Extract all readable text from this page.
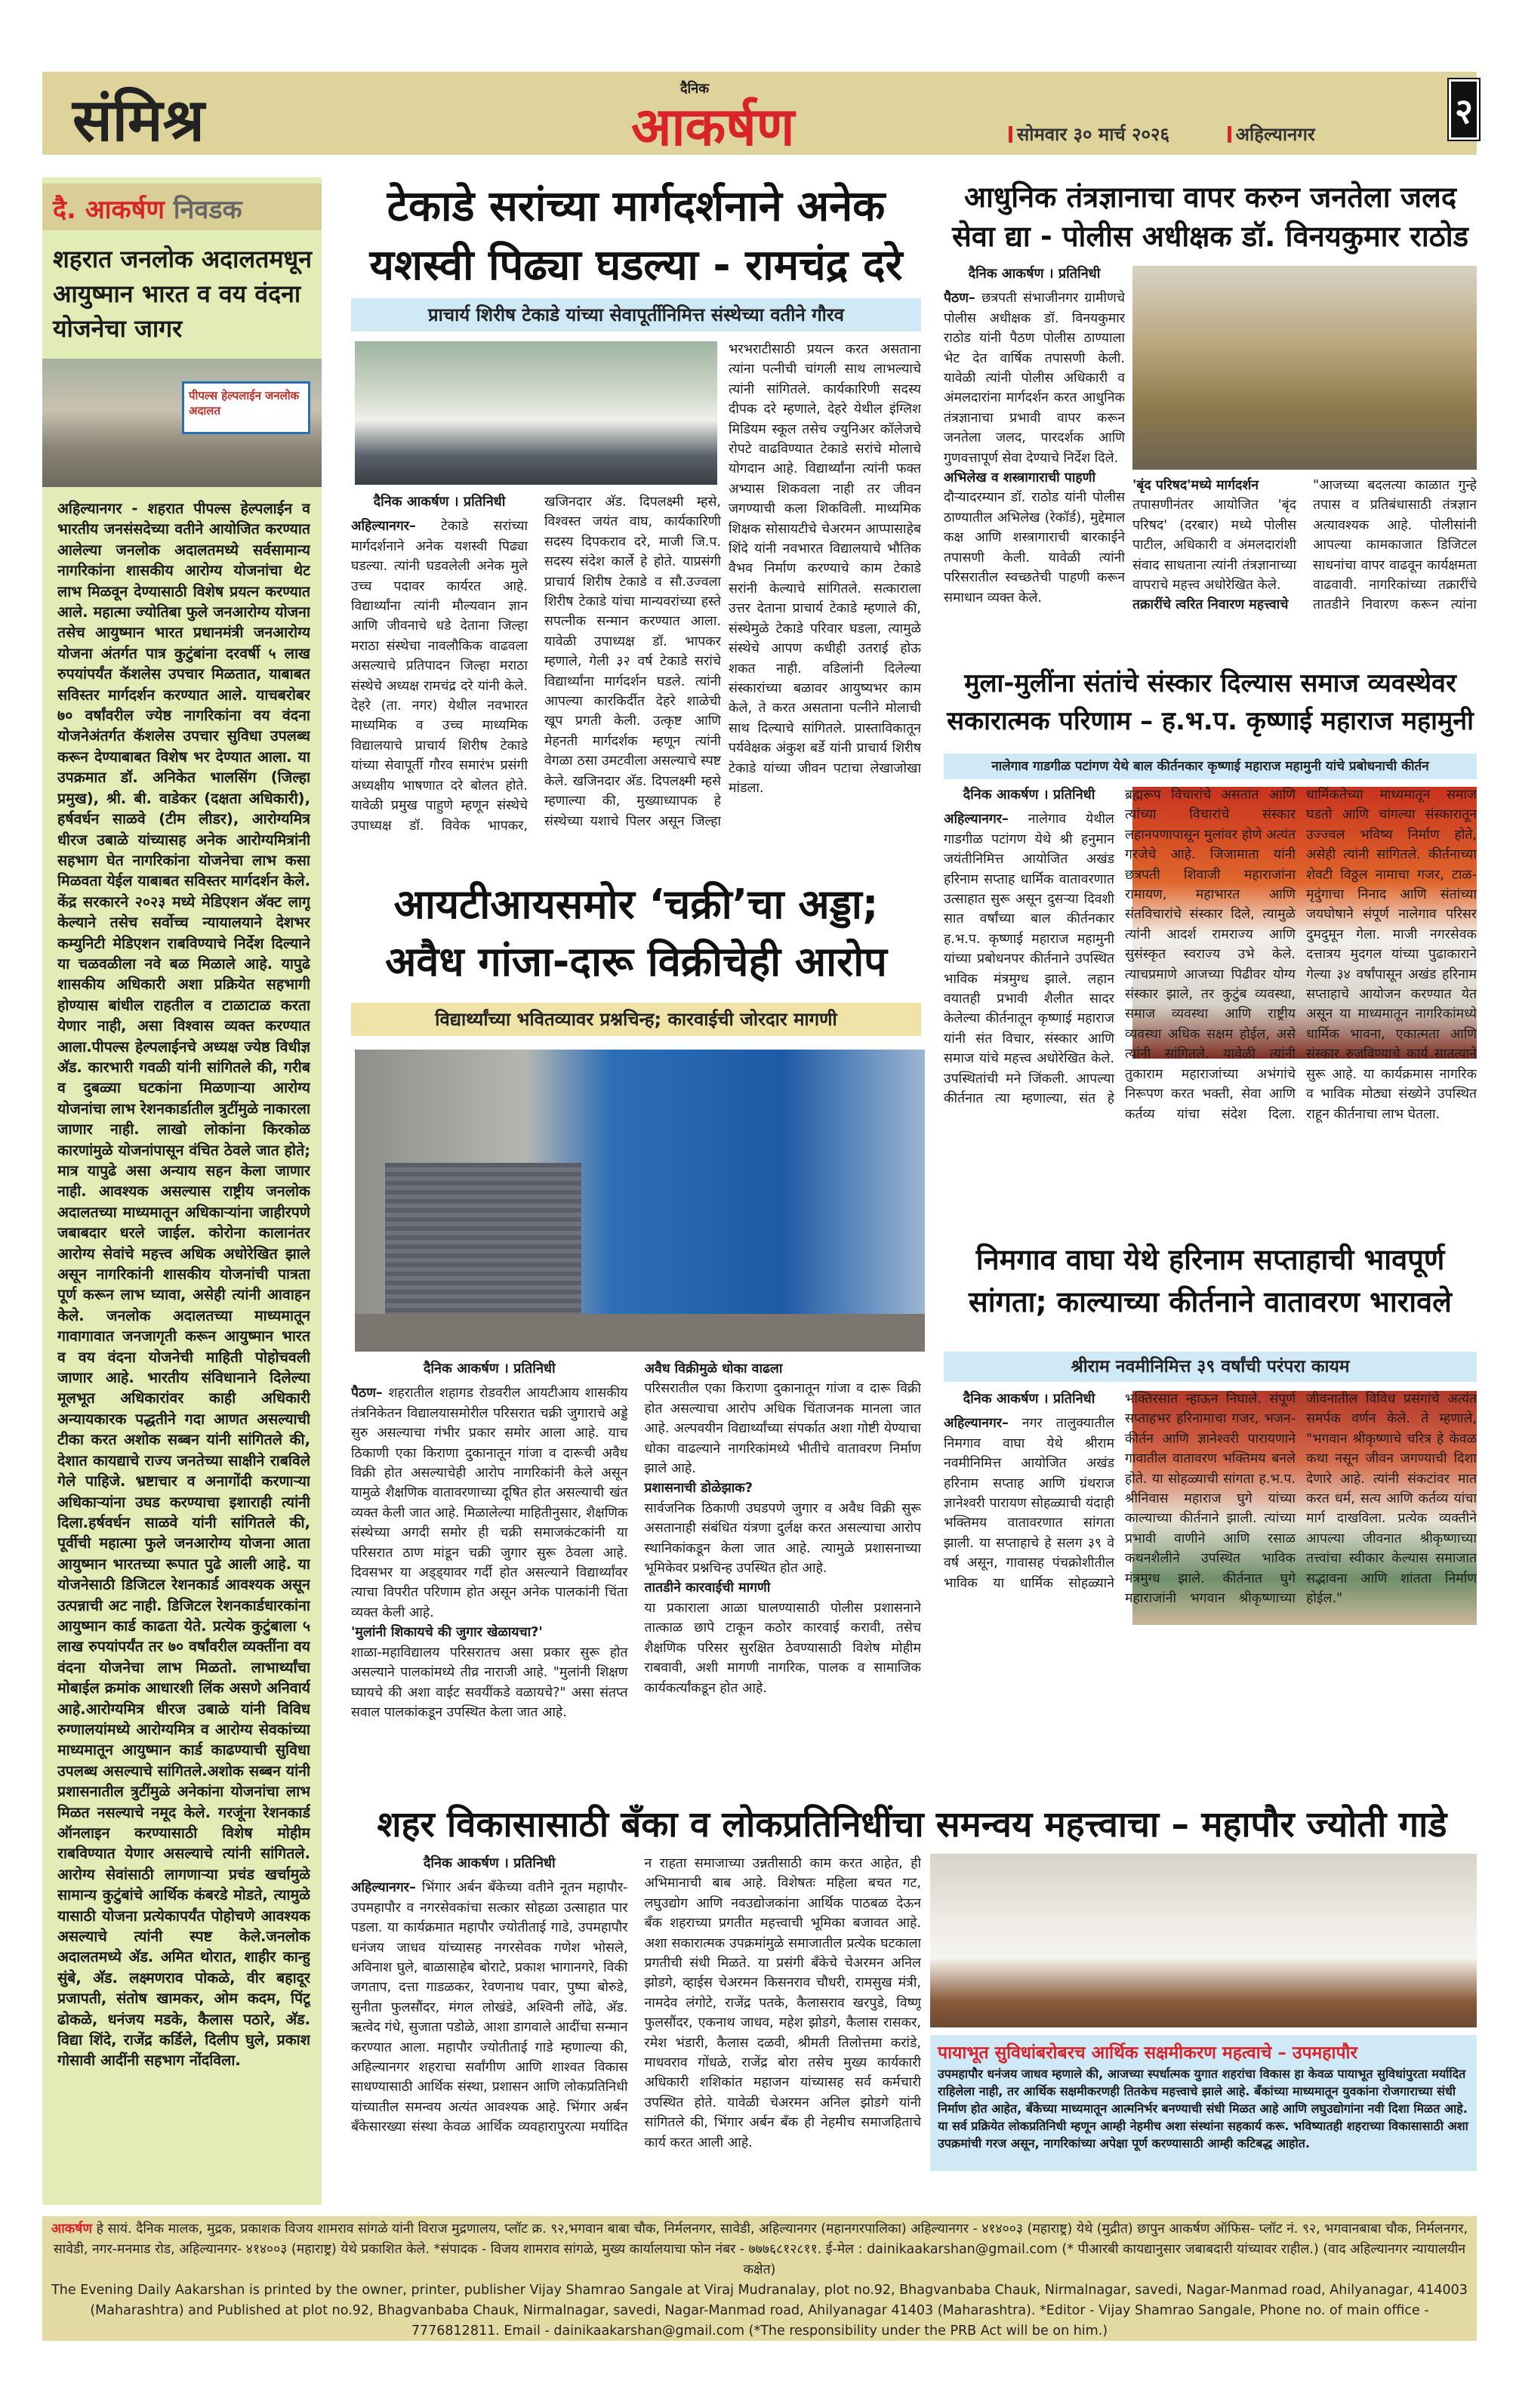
संमिश्र	दैनिक
आकर्षण	सोमवार ३० मार्च २०२६	अहिल्यानगर
२
दै. आकर्षण निवडक
शहरात जनलोक अदालतमधून आयुष्मान भारत व वय वंदना योजनेचा जागर
पीपल्स हेल्पलाईन जनलोक अदालत
अहिल्यानगर - शहरात पीपल्स हेल्पलाईन व भारतीय जनसंसदेच्या वतीने आयोजित करण्यात आलेल्या जनलोक अदालतमध्ये सर्वसामान्य नागरिकांना शासकीय आरोग्य योजनांचा थेट लाभ मिळवून देण्यासाठी विशेष प्रयत्न करण्यात आले. महात्मा ज्योतिबा फुले जनआरोग्य योजना तसेच आयुष्मान भारत प्रधानमंत्री जनआरोग्य योजना अंतर्गत पात्र कुटुंबांना दरवर्षी ५ लाख रुपयांपर्यंत कॅशलेस उपचार मिळतात, याबाबत सविस्तर मार्गदर्शन करण्यात आले. याचबरोबर ७० वर्षांवरील ज्येष्ठ नागरिकांना वय वंदना योजनेअंतर्गत कॅशलेस उपचार सुविधा उपलब्ध करून देण्याबाबत विशेष भर देण्यात आला. या उपक्रमात डॉ. अनिकेत भालसिंग (जिल्हा प्रमुख), श्री. बी. वाडेकर (दक्षता अधिकारी), हर्षवर्धन साळवे (टीम लीडर), आरोग्यमित्र धीरज उबाळे यांच्यासह अनेक आरोग्यमित्रांनी सहभाग घेत नागरिकांना योजनेचा लाभ कसा मिळवता येईल याबाबत सविस्तर मार्गदर्शन केले. केंद्र सरकारने २०२३ मध्ये मेडिएशन अ‍ॅक्ट लागू केल्याने तसेच सर्वोच्च न्यायालयाने देशभर कम्युनिटी मेडिएशन राबविण्याचे निर्देश दिल्याने या चळवळीला नवे बळ मिळाले आहे. यापुढे शासकीय अधिकारी अशा प्रक्रियेत सहभागी होण्यास बांधील राहतील व टाळाटाळ करता येणार नाही, असा विश्वास व्यक्त करण्यात आला.पीपल्स हेल्पलाईनचे अध्यक्ष ज्येष्ठ विधीज्ञ अ‍ॅड. कारभारी गवळी यांनी सांगितले की, गरीब व दुबळ्या घटकांना मिळणाऱ्या आरोग्य योजनांचा लाभ रेशनकार्डातील त्रुटींमुळे नाकारला जाणार नाही. लाखो लोकांना किरकोळ कारणांमुळे योजनांपासून वंचित ठेवले जात होते; मात्र यापुढे असा अन्याय सहन केला जाणार नाही. आवश्यक असल्यास राष्ट्रीय जनलोक अदालतच्या माध्यमातून अधिकाऱ्यांना जाहीरपणे जबाबदार धरले जाईल. कोरोना कालानंतर आरोग्य सेवांचे महत्त्व अधिक अधोरेखित झाले असून नागरिकांनी शासकीय योजनांची पात्रता पूर्ण करून लाभ घ्यावा, असेही त्यांनी आवाहन केले. जनलोक अदालतच्या माध्यमातून गावागावात जनजागृती करून आयुष्मान भारत व वय वंदना योजनेची माहिती पोहोचवली जाणार आहे. भारतीय संविधानाने दिलेल्या मूलभूत अधिकारांवर काही अधिकारी अन्यायकारक पद्धतीने गदा आणत असल्याची टीका करत अशोक सब्बन यांनी सांगितले की, देशात कायद्याचे राज्य जनतेच्या साक्षीने राबविले गेले पाहिजे. भ्रष्टाचार व अनागोंदी करणाऱ्या अधिकाऱ्यांना उघड करण्याचा इशाराही त्यांनी दिला.हर्षवर्धन साळवे यांनी सांगितले की, पूर्वीची महात्मा फुले जनआरोग्य योजना आता आयुष्मान भारतच्या रूपात पुढे आली आहे. या योजनेसाठी डिजिटल रेशनकार्ड आवश्यक असून उत्पन्नाची अट नाही. डिजिटल रेशनकार्डधारकांना आयुष्मान कार्ड काढता येते. प्रत्येक कुटुंबाला ५ लाख रुपयांपर्यंत तर ७० वर्षांवरील व्यक्तींना वय वंदना योजनेचा लाभ मिळतो. लाभार्थ्यांचा मोबाईल क्रमांक आधारशी लिंक असणे अनिवार्य आहे.आरोग्यमित्र धीरज उबाळे यांनी विविध रुग्णालयांमध्ये आरोग्यमित्र व आरोग्य सेवकांच्या माध्यमातून आयुष्मान कार्ड काढण्याची सुविधा उपलब्ध असल्याचे सांगितले.अशोक सब्बन यांनी प्रशासनातील त्रुटींमुळे अनेकांना योजनांचा लाभ मिळत नसल्याचे नमूद केले. गरजूंना रेशनकार्ड ऑनलाइन करण्यासाठी विशेष मोहीम राबविण्यात येणार असल्याचे त्यांनी सांगितले. आरोग्य सेवांसाठी लागणाऱ्या प्रचंड खर्चामुळे सामान्य कुटुंबांचे आर्थिक कंबरडे मोडते, त्यामुळे यासाठी योजना प्रत्येकापर्यंत पोहोचणे आवश्यक असल्याचे त्यांनी स्पष्ट केले.जनलोक अदालतमध्ये अ‍ॅड. अमित थोरात, शाहीर कान्हु सुंबे, अ‍ॅड. लक्ष्मणराव पोकळे, वीर बहादूर प्रजापती, संतोष खामकर, ओम कदम, पिंटू ढोकळे, धनंजय मडके, कैलास पठारे, अ‍ॅड. विद्या शिंदे, राजेंद्र कर्डिले, दिलीप घुले, प्रकाश गोसावी आदींनी सहभाग नोंदविला.
टेकाडे सरांच्या मार्गदर्शनाने अनेक यशस्वी पिढ्या घडल्या - रामचंद्र दरे
प्राचार्य शिरीष टेकाडे यांच्या सेवापूर्तीनिमित्त संस्थेच्या वतीने गौरव
भरभराटीसाठी प्रयत्न करत असताना त्यांना पत्नीची चांगली साथ लाभल्याचे त्यांनी सांगितले. कार्यकारिणी सदस्य दीपक दरे म्हणाले, देहरे येथील इंग्लिश मिडियम स्कूल तसेच ज्युनिअर कॉलेजचे रोपटे वाढविण्यात टेकाडे सरांचे मोलाचे योगदान आहे. विद्यार्थ्यांना त्यांनी फक्त अभ्यास शिकवला नाही तर जीवन जगण्याची कला शिकविली. माध्यमिक शिक्षक सोसायटीचे चेअरमन आप्पासाहेब शिंदे यांनी नवभारत विद्यालयाचे भौतिक वैभव निर्माण करण्याचे काम टेकाडे सरांनी केल्याचे सांगितले. सत्काराला उत्तर देताना प्राचार्य टेकाडे म्हणाले की, संस्थेमुळे टेकाडे परिवार घडला, त्यामुळे संस्थेचे आपण कधीही उतराई होऊ शकत नाही. वडिलांनी दिलेल्या संस्कारांच्या बळावर आयुष्यभर काम केले, ते करत असताना पत्नीने मोलाची साथ दिल्याचे सांगितले. प्रास्ताविकातून पर्यवेक्षक अंकुश बर्डे यांनी प्राचार्य शिरीष टेकाडे यांच्या जीवन पटाचा लेखाजोखा मांडला.
दैनिक आकर्षण । प्रतिनिधी

अहिल्यानगर– टेकाडे सरांच्या मार्गदर्शनाने अनेक यशस्वी पिढ्या घडल्या. त्यांनी घडवलेली अनेक मुले उच्च पदावर कार्यरत आहे. विद्यार्थ्यांना त्यांनी मौल्यवान ज्ञान आणि जीवनाचे धडे देताना जिल्हा मराठा संस्थेचा नावलौकिक वाढवला असल्याचे प्रतिपादन जिल्हा मराठा संस्थेचे अध्यक्ष रामचंद्र दरे यांनी केले. देहरे (ता. नगर) येथील नवभारत माध्यमिक व उच्च माध्यमिक विद्यालयाचे प्राचार्य शिरीष टेकाडे यांच्या सेवापूर्ती गौरव समारंभ प्रसंगी अध्यक्षीय भाषणात दरे बोलत होते. यावेळी प्रमुख पाहुणे म्हणून संस्थेचे उपाध्यक्ष डॉ. विवेक भापकर, खजिनदार अ‍ॅड. दिपलक्ष्मी म्हसे, विश्वस्त जयंत वाघ, कार्यकारिणी सदस्य दिपकराव दरे, माजी जि.प. सदस्य संदेश कार्ले हे होते. याप्रसंगी प्राचार्य शिरीष टेकाडे व सौ.उज्वला शिरीष टेकाडे यांचा मान्यवरांच्या हस्ते सपत्नीक सन्मान करण्यात आला. यावेळी उपाध्यक्ष डॉ. भापकर म्हणाले, गेली ३२ वर्ष टेकाडे सरांचे विद्यार्थ्यांना मार्गदर्शन घडले. त्यांनी आपल्या कारकिर्दीत देहरे शाळेची खूप प्रगती केली. उत्कृष्ट आणि मेहनती मार्गदर्शक म्हणून त्यांनी वेगळा ठसा उमटवीला असल्याचे स्पष्ट केले. खजिनदार अ‍ॅड. दिपलक्ष्मी म्हसे म्हणाल्या की, मुख्याध्यापक हे संस्थेच्या यशाचे पिलर असून जिल्हा

आयटीआयसमोर ‘चक्री’चा अड्डा; अवैध गांजा-दारू विक्रीचेही आरोप
विद्यार्थ्यांच्या भवितव्यावर प्रश्नचिन्ह; कारवाईची जोरदार मागणी
दैनिक आकर्षण । प्रतिनिधी

पैठण– शहरातील शहागड रोडवरील आयटीआय शासकीय तंत्रनिकेतन विद्यालयासमोरील परिसरात चक्री जुगाराचे अड्डे सुरु असल्याचा गंभीर प्रकार समोर आला आहे. याच ठिकाणी एका किराणा दुकानातून गांजा व दारूची अवैध विक्री होत असल्याचेही आरोप नागरिकांनी केले असून यामुळे शैक्षणिक वातावरणाच्या दूषित होत असल्याची खंत व्यक्त केली जात आहे. मिळालेल्या माहितीनुसार, शैक्षणिक संस्थेच्या अगदी समोर ही चक्री समाजकंटकांनी या परिसरात ठाण मांडून चक्री जुगार सुरू ठेवला आहे. दिवसभर या अड्ड्यावर गर्दी होत असल्याने विद्यार्थ्यांवर त्याचा विपरीत परिणाम होत असून अनेक पालकांनी चिंता व्यक्त केली आहे.

'मुलांनी शिकायचे की जुगार खेळायचा?'

शाळा-महाविद्यालय परिसरातच असा प्रकार सुरू होत असल्याने पालकांमध्ये तीव्र नाराजी आहे. "मुलांनी शिक्षण घ्यायचे की अशा वाईट सवयींकडे वळायचे?" असा संतप्त सवाल पालकांकडून उपस्थित केला जात आहे.

अवैध विक्रीमुळे धोका वाढला

परिसरातील एका किराणा दुकानातून गांजा व दारू विक्री होत असल्याचा आरोप अधिक चिंताजनक मानला जात आहे. अल्पवयीन विद्यार्थ्यांच्या संपर्कात अशा गोष्टी येण्याचा धोका वाढल्याने नागरिकांमध्ये भीतीचे वातावरण निर्माण झाले आहे.

प्रशासनाची डोळेझाक?

सार्वजनिक ठिकाणी उघडपणे जुगार व अवैध विक्री सुरू असतानाही संबंधित यंत्रणा दुर्लक्ष करत असल्याचा आरोप स्थानिकांकडून केला जात आहे. त्यामुळे प्रशासनाच्या भूमिकेवर प्रश्नचिन्ह उपस्थित होत आहे.

तातडीने कारवाईची मागणी

या प्रकाराला आळा घालण्यासाठी पोलीस प्रशासनाने तात्काळ छापे टाकून कठोर कारवाई करावी, तसेच शैक्षणिक परिसर सुरक्षित ठेवण्यासाठी विशेष मोहीम राबवावी, अशी मागणी नागरिक, पालक व सामाजिक कार्यकर्त्यांकडून होत आहे.

आधुनिक तंत्रज्ञानाचा वापर करुन जनतेला जलद सेवा द्या - पोलीस अधीक्षक डॉ. विनयकुमार राठोड
दैनिक आकर्षण । प्रतिनिधी

पैठण– छत्रपती संभाजीनगर ग्रामीणचे पोलीस अधीक्षक डॉ. विनयकुमार राठोड यांनी पैठण पोलीस ठाण्याला भेट देत वार्षिक तपासणी केली. यावेळी त्यांनी पोलीस अधिकारी व अंमलदारांना मार्गदर्शन करत आधुनिक तंत्रज्ञानाचा प्रभावी वापर करून जनतेला जलद, पारदर्शक आणि गुणवत्तापूर्ण सेवा देण्याचे निर्देश दिले.

अभिलेख व शस्त्रागाराची पाहणी

दौऱ्यादरम्यान डॉ. राठोड यांनी पोलीस ठाण्यातील अभिलेख (रेकॉर्ड), मुद्देमाल कक्ष आणि शस्त्रागाराची बारकाईने तपासणी केली. यावेळी त्यांनी परिसरातील स्वच्छतेची पाहणी करून समाधान व्यक्त केले.

'बृंद परिषद'मध्ये मार्गदर्शन

तपासणीनंतर आयोजित 'बृंद परिषद' (दरबार) मध्ये पोलीस पाटील, अधिकारी व अंमलदारांशी संवाद साधताना त्यांनी तंत्रज्ञानाच्या वापराचे महत्त्व अधोरेखित केले.

तक्रारींचे त्वरित निवारण महत्त्वाचे

"आजच्या बदलत्या काळात गुन्हे तपास व प्रतिबंधासाठी तंत्रज्ञान अत्यावश्यक आहे. पोलीसांनी आपल्या कामकाजात डिजिटल साधनांचा वापर वाढवून कार्यक्षमता वाढवावी. नागरिकांच्या तक्रारींचे तातडीने निवारण करून त्यांना

मुला-मुलींना संतांचे संस्कार दिल्यास समाज व्यवस्थेवर सकारात्मक परिणाम – ह.भ.प. कृष्णाई महाराज महामुनी
नालेगाव गाडगीळ पटांगण येथे बाल कीर्तनकार कृष्णाई महाराज महामुनी यांचे प्रबोधनाची कीर्तन
दैनिक आकर्षण । प्रतिनिधी

अहिल्यानगर– नालेगाव येथील गाडगीळ पटांगण येथे श्री हनुमान जयंतीनिमित्त आयोजित अखंड हरिनाम सप्ताह धार्मिक वातावरणात उत्साहात सुरू असून दुसऱ्या दिवशी सात वर्षांच्या बाल कीर्तनकार ह.भ.प. कृष्णाई महाराज महामुनी यांच्या प्रबोधनपर कीर्तनाने उपस्थित भाविक मंत्रमुग्ध झाले. लहान वयातही प्रभावी शैलीत सादर केलेल्या कीर्तनातून कृष्णाई महाराज यांनी संत विचार, संस्कार आणि समाज यांचे महत्त्व अधोरेखित केले. उपस्थितांची मने जिंकली. आपल्या कीर्तनात त्या म्हणाल्या, संत हे ब्रह्मरूप विचारांचे असतात आणि त्यांच्या विचारांचे संस्कार लहानपणापासून मुलांवर होणे अत्यंत गरजेचे आहे. जिजामाता यांनी छत्रपती शिवाजी महाराजांना रामायण, महाभारत आणि संतविचारांचे संस्कार दिले, त्यामुळे त्यांनी आदर्श रामराज्य आणि सुसंस्कृत स्वराज्य उभे केले. त्याचप्रमाणे आजच्या पिढीवर योग्य संस्कार झाले, तर कुटुंब व्यवस्था, समाज व्यवस्था आणि राष्ट्रीय व्यवस्था अधिक सक्षम होईल, असे त्यांनी सांगितले. यावेळी त्यांनी तुकाराम महाराजांच्या अभंगांचे निरूपण करत भक्ती, सेवा आणि कर्तव्य यांचा संदेश दिला. धार्मिकतेच्या माध्यमातून समाज घडतो आणि चांगल्या संस्कारातून उज्ज्वल भविष्य निर्माण होते, असेही त्यांनी सांगितले. कीर्तनाच्या शेवटी विठ्ठल नामाचा गजर, टाळ-मृदुंगाचा निनाद आणि संतांच्या जयघोषाने संपूर्ण नालेगाव परिसर दुमदुमून गेला. माजी नगरसेवक दत्तात्रय मुदगल यांच्या पुढाकाराने गेल्या ३४ वर्षांपासून अखंड हरिनाम सप्ताहाचे आयोजन करण्यात येत असून या माध्यमातून नागरिकांमध्ये धार्मिक भावना, एकात्मता आणि संस्कार रुजविण्याचे कार्य सातत्याने सुरू आहे. या कार्यक्रमास नागरिक व भाविक मोठ्या संख्येने उपस्थित राहून कीर्तनाचा लाभ घेतला.

निमगाव वाघा येथे हरिनाम सप्ताहाची भावपूर्ण सांगता; काल्याच्या कीर्तनाने वातावरण भारावले
श्रीराम नवमीनिमित्त ३९ वर्षांची परंपरा कायम
दैनिक आकर्षण । प्रतिनिधी

अहिल्यानगर– नगर तालुक्यातील निमगाव वाघा येथे श्रीराम नवमीनिमित्त आयोजित अखंड हरिनाम सप्ताह आणि ग्रंथराज ज्ञानेश्वरी पारायण सोहळ्याची यंदाही भक्तिमय वातावरणात सांगता झाली. या सप्ताहाचे हे सलग ३९ वे वर्ष असून, गावासह पंचक्रोशीतील भाविक या धार्मिक सोहळ्याने भक्तिरसात न्हाऊन निघाले. संपूर्ण सप्ताहभर हरिनामाचा गजर, भजन-कीर्तन आणि ज्ञानेश्वरी पारायणाने गावातील वातावरण भक्तिमय बनले होते. या सोहळ्याची सांगता ह.भ.प. श्रीनिवास महाराज घुगे यांच्या काल्याच्या कीर्तनाने झाली. त्यांच्या प्रभावी वाणीने आणि रसाळ कथनशैलीने उपस्थित भाविक मंत्रमुग्ध झाले. कीर्तनात घुगे महाराजांनी भगवान श्रीकृष्णाच्या जीवनातील विविध प्रसंगांचे अत्यंत समर्पक वर्णन केले. ते म्हणाले, "भगवान श्रीकृष्णाचे चरित्र हे केवळ कथा नसून जीवन जगण्याची दिशा देणारे आहे. त्यांनी संकटांवर मात करत धर्म, सत्य आणि कर्तव्य यांचा मार्ग दाखविला. प्रत्येक व्यक्तीने आपल्या जीवनात श्रीकृष्णाच्या तत्त्वांचा स्वीकार केल्यास समाजात सद्भावना आणि शांतता निर्माण होईल."

शहर विकासासाठी बँका व लोकप्रतिनिधींचा समन्वय महत्त्वाचा – महापौर ज्योती गाडे
दैनिक आकर्षण । प्रतिनिधी

अहिल्यानगर– भिंगार अर्बन बँकेच्या वतीने नूतन महापौर-उपमहापौर व नगरसेवकांचा सत्कार सोहळा उत्साहात पार पडला. या कार्यक्रमात महापौर ज्योतीताई गाडे, उपमहापौर धनंजय जाधव यांच्यासह नगरसेवक गणेश भोसले, अविनाश घुले, बाळासाहेब बोराटे, प्रकाश भागानगरे, विकी जगताप, दत्ता गाडळकर, रेवणनाथ पवार, पुष्पा बोरुडे, सुनीता फुलसौंदर, मंगल लोखंडे, अश्विनी लोंढे, अ‍ॅड. ऋत्वेद गंधे, सुजाता पडोळे, आशा डागवाले आदींचा सन्मान करण्यात आला. महापौर ज्योतीताई गाडे म्हणाल्या की, अहिल्यानगर शहराचा सर्वांगीण आणि शाश्वत विकास साधण्यासाठी आर्थिक संस्था, प्रशासन आणि लोकप्रतिनिधी यांच्यातील समन्वय अत्यंत आवश्यक आहे. भिंगार अर्बन बँकेसारख्या संस्था केवळ आर्थिक व्यवहारापुरत्या मर्यादित न राहता समाजाच्या उन्नतीसाठी काम करत आहेत, ही अभिमानाची बाब आहे. विशेषतः महिला बचत गट, लघुउद्योग आणि नवउद्योजकांना आर्थिक पाठबळ देऊन बँक शहराच्या प्रगतीत महत्त्वाची भूमिका बजावत आहे. अशा सकारात्मक उपक्रमांमुळे समाजातील प्रत्येक घटकाला प्रगतीची संधी मिळते. या प्रसंगी बँकेचे चेअरमन अनिल झोडगे, व्हाईस चेअरमन किसनराव चौधरी, रामसुख मंत्री, नामदेव लंगोटे, राजेंद्र पतके, कैलासराव खरपुडे, विष्णू फुलसौंदर, एकनाथ जाधव, महेश झोडगे, कैलास रासकर, रमेश भंडारी, कैलास दळवी, श्रीमती तिलोत्तमा करांडे, माधवराव गोंधळे, राजेंद्र बोरा तसेच मुख्य कार्यकारी अधिकारी शशिकांत महाजन यांच्यासह सर्व कर्मचारी उपस्थित होते. यावेळी चेअरमन अनिल झोडगे यांनी सांगितले की, भिंगार अर्बन बँक ही नेहमीच समाजहिताचे कार्य करत आली आहे.

पायाभूत सुविधांबरोबरच आर्थिक सक्षमीकरण महत्वाचे – उपमहापौर
उपमहापौर धनंजय जाधव म्हणाले की, आजच्या स्पर्धात्मक युगात शहरांचा विकास हा केवळ पायाभूत सुविधांपुरता मर्यादित राहिलेला नाही, तर आर्थिक सक्षमीकरणही तितकेच महत्त्वाचे झाले आहे. बँकांच्या माध्यमातून युवकांना रोजगाराच्या संधी निर्माण होत आहेत, बँकेच्या माध्यमातून आत्मनिर्भर बनण्याची संधी मिळत आहे आणि लघुउद्योगांना नवी दिशा मिळत आहे. या सर्व प्रक्रियेत लोकप्रतिनिधी म्हणून आम्ही नेहमीच अशा संस्थांना सहकार्य करू. भविष्यातही शहराच्या विकासासाठी अशा उपक्रमांची गरज असून, नागरिकांच्या अपेक्षा पूर्ण करण्यासाठी आम्ही कटिबद्ध आहोत.

आकर्षण हे सायं. दैनिक मालक, मुद्रक, प्रकाशक विजय शामराव सांगळे यांनी विराज मुद्रणालय, प्लॉट क्र. ९२,भगवान बाबा चौक, निर्मलनगर, सावेडी, अहिल्यानगर (महानगरपालिका) अहिल्यानगर - ४१४००३ (महाराष्ट्र) येथे (मुद्रीत) छापुन आकर्षण ऑफिस- प्लॉट नं. ९२, भगवानबाबा चौक, निर्मलनगर, सावेडी, नगर-मनमाड रोड, अहिल्यानगर- ४१४००३ (महाराष्ट्र) येथे प्रकाशित केले. *संपादक - विजय शामराव सांगळे, मुख्य कार्यालयाचा फोन नंबर - ७७७६८१२८११. ई-मेल : dainikaakarshan@gmail.com (* पीआरबी कायद्यानुसार जबाबदारी यांच्यावर राहील.) (वाद अहिल्यानगर न्यायालयीन कक्षेत)

The Evening Daily Aakarshan is printed by the owner, printer, publisher Vijay Shamrao Sangale at Viraj Mudranalay, plot no.92, Bhagvanbaba Chauk, Nirmalnagar, savedi, Nagar-Manmad road, Ahilyanagar, 414003 (Maharashtra) and Published at plot no.92, Bhagvanbaba Chauk, Nirmalnagar, savedi, Nagar-Manmad road, Ahilyanagar 41403 (Maharashtra). *Editor - Vijay Shamrao Sangale, Phone no. of main office - 7776812811. Email - dainikaakarshan@gmail.com (*The responsibility under the PRB Act will be on him.)
